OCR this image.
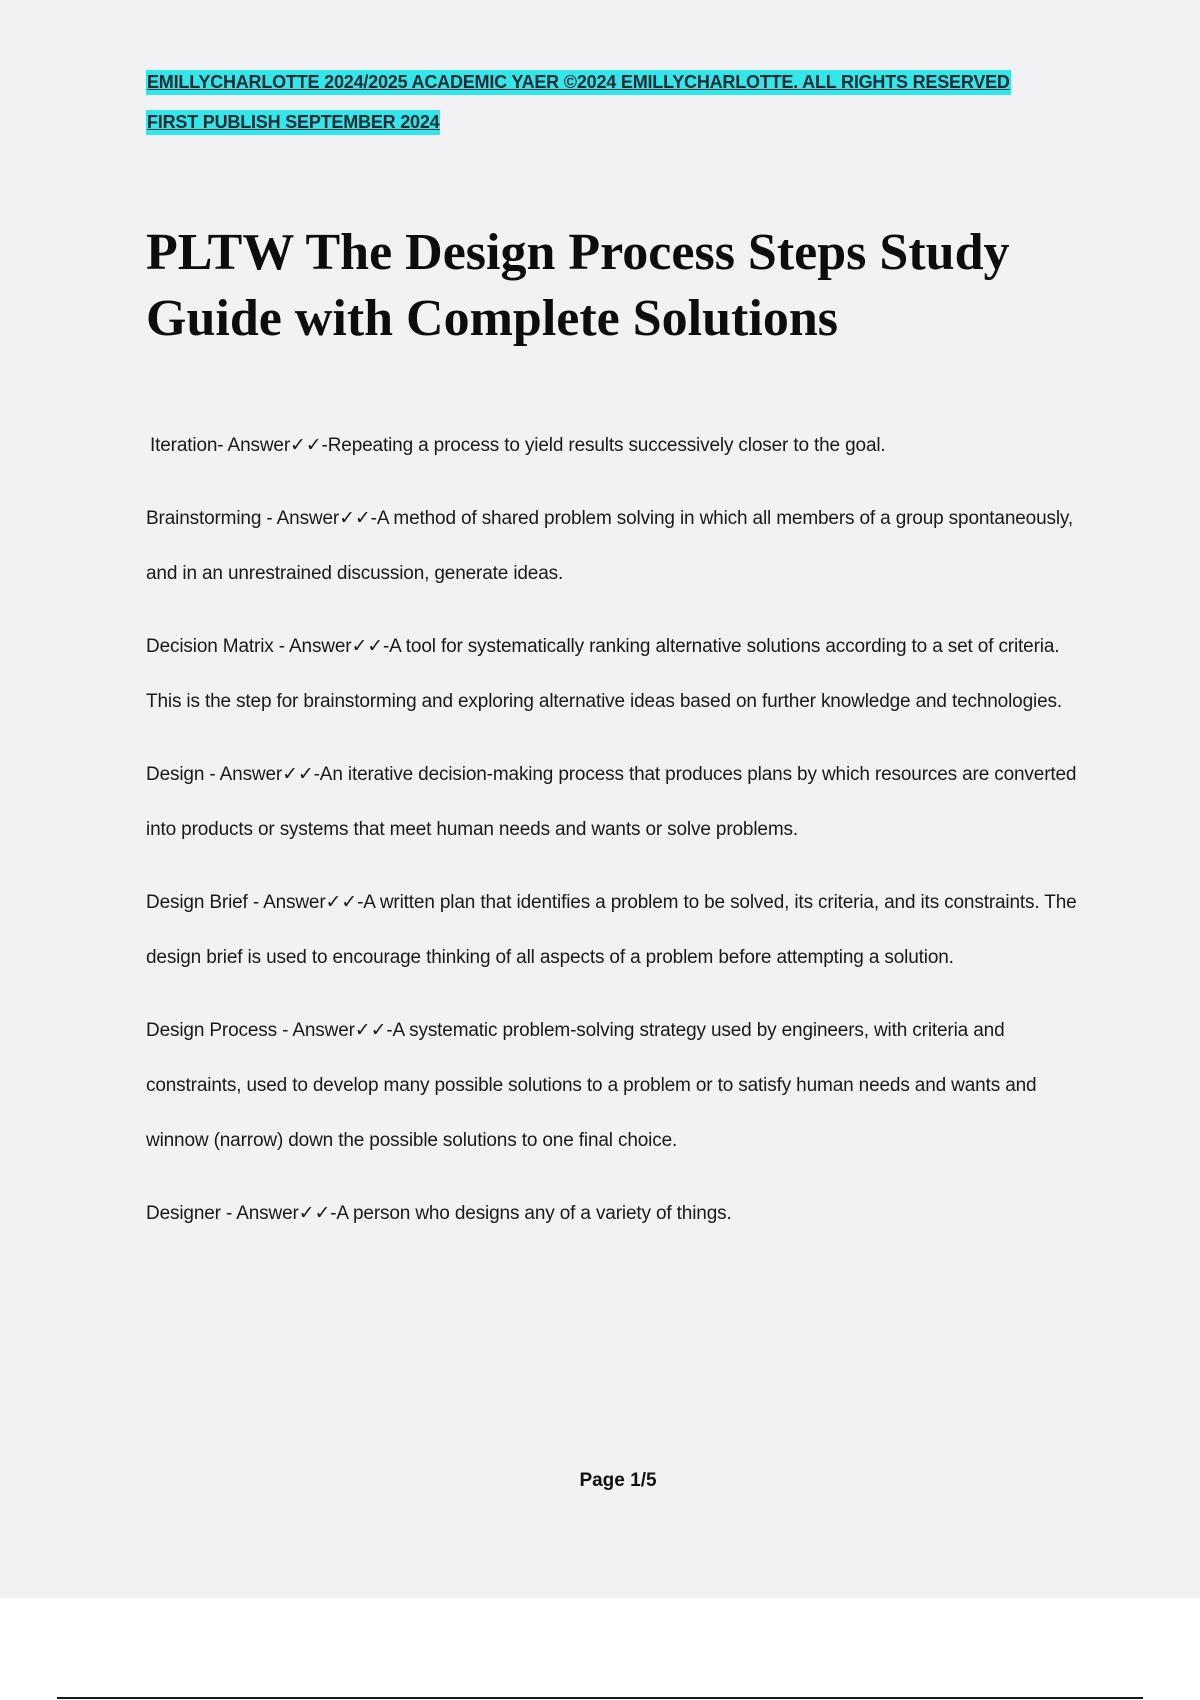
EMILLYCHARLOTTE 2024/2025 ACADEMIC YAER ©2024 EMILLYCHARLOTTE. ALL RIGHTS RESERVED
FIRST PUBLISH SEPTEMBER 2024
PLTW The Design Process Steps Study Guide with Complete Solutions

Iteration- Answer✓✓-Repeating a process to yield results successively closer to the goal.

Brainstorming - Answer✓✓-A method of shared problem solving in which all members of a group spontaneously, and in an unrestrained discussion, generate ideas.

Decision Matrix - Answer✓✓-A tool for systematically ranking alternative solutions according to a set of criteria. This is the step for brainstorming and exploring alternative ideas based on further knowledge and technologies.

Design - Answer✓✓-An iterative decision-making process that produces plans by which resources are converted into products or systems that meet human needs and wants or solve problems.

Design Brief - Answer✓✓-A written plan that identifies a problem to be solved, its criteria, and its constraints. The design brief is used to encourage thinking of all aspects of a problem before attempting a solution.

Design Process - Answer✓✓-A systematic problem-solving strategy used by engineers, with criteria and constraints, used to develop many possible solutions to a problem or to satisfy human needs and wants and winnow (narrow) down the possible solutions to one final choice.

Designer - Answer✓✓-A person who designs any of a variety of things.

Page 1/5
